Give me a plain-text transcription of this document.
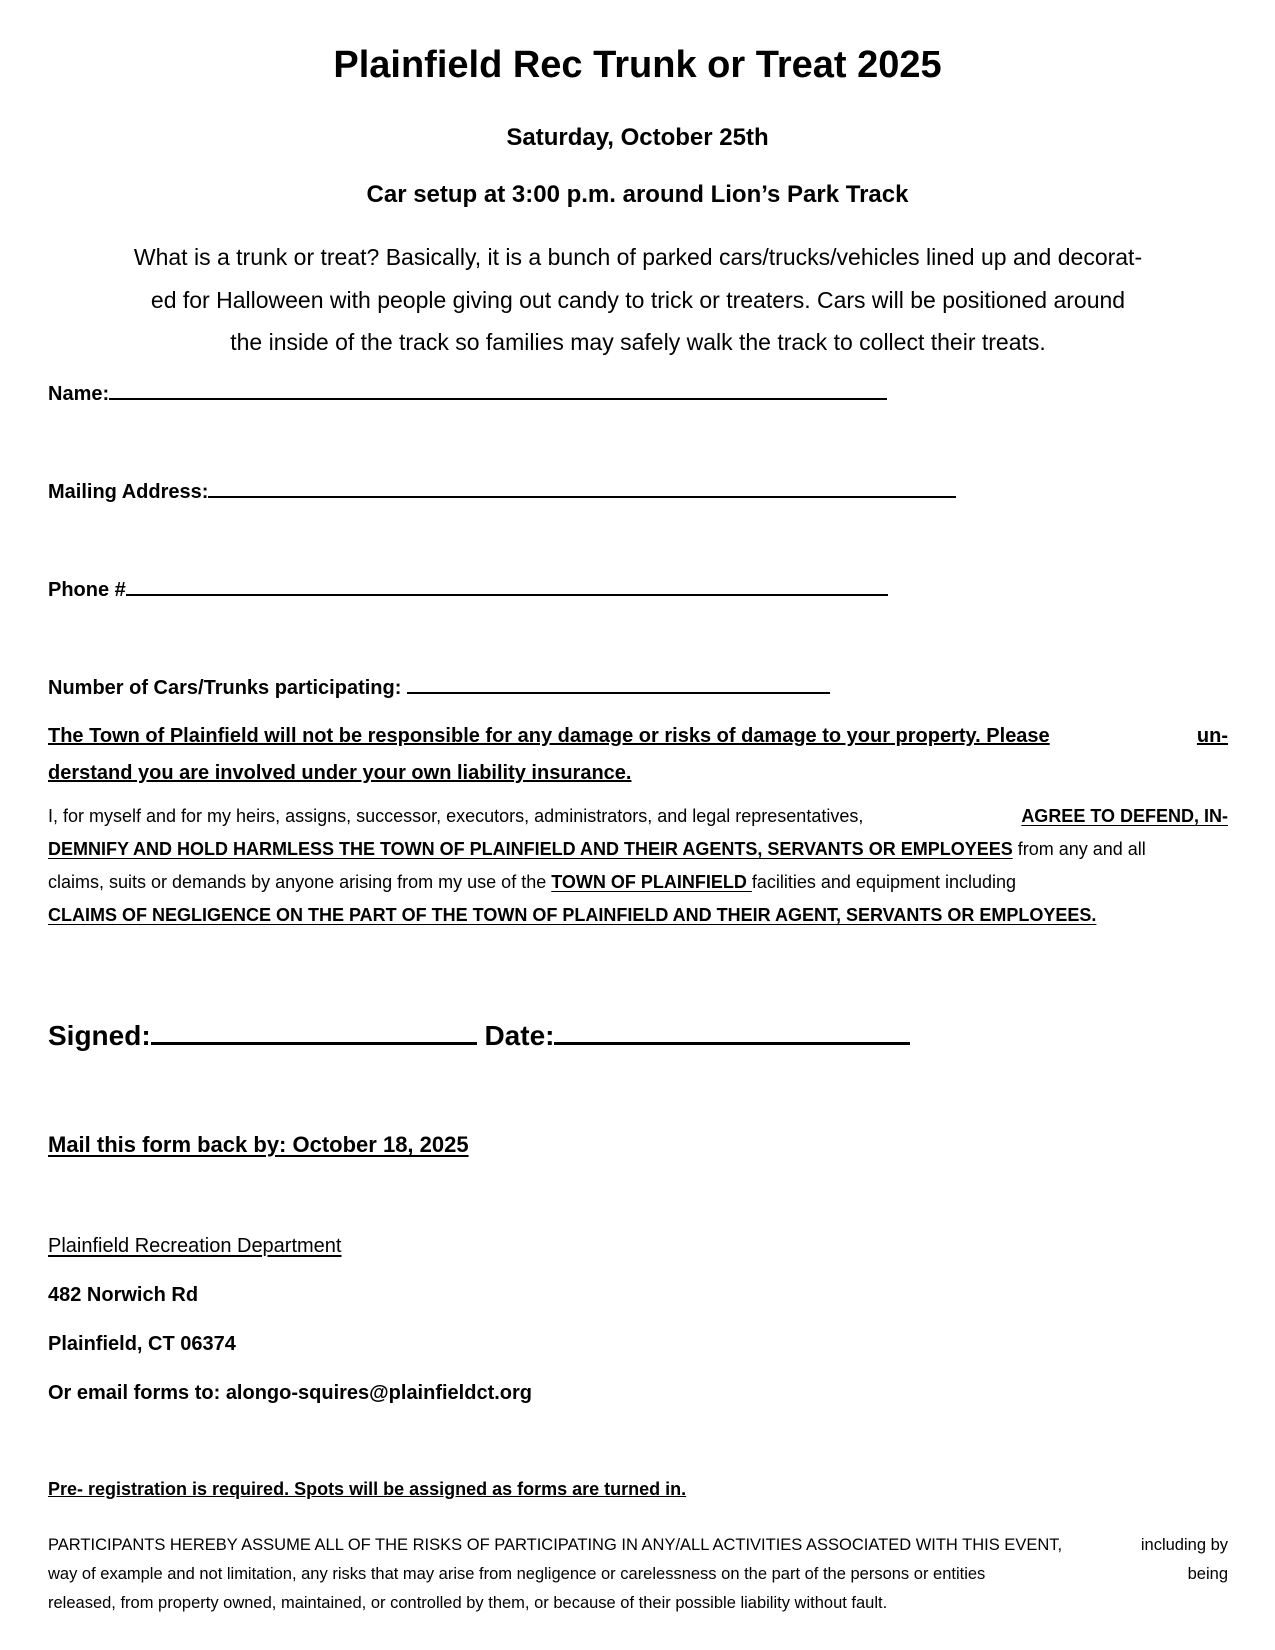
Plainfield Rec Trunk or Treat 2025
Saturday, October 25th
Car setup at 3:00 p.m. around Lion’s Park Track
What is a trunk or treat? Basically, it is a bunch of parked cars/trucks/vehicles lined up and decorat-
ed for Halloween with people giving out candy to trick or treaters. Cars will be positioned around
the inside of the track so families may safely walk the track to collect their treats.
Name:
Mailing Address:
Phone #
Number of Cars/Trunks participating:
The Town of Plainfield will not be responsible for any damage or risks of damage to your property. Please	un-
derstand you are involved under your own liability insurance.
I, for myself and for my heirs, assigns, successor, executors, administrators, and legal representatives,	AGREE TO DEFEND, IN-
DEMNIFY AND HOLD HARMLESS THE TOWN OF PLAINFIELD AND THEIR AGENTS, SERVANTS OR EMPLOYEES from any and all
claims, suits or demands by anyone arising from my use of the TOWN OF PLAINFIELD facilities and equipment including
CLAIMS OF NEGLIGENCE ON THE PART OF THE TOWN OF PLAINFIELD AND THEIR AGENT, SERVANTS OR EMPLOYEES.
Signed:	Date:
Mail this form back by: October 18, 2025
Plainfield Recreation Department
482 Norwich Rd
Plainfield, CT 06374
Or email forms to: alongo-squires@plainfieldct.org
Pre- registration is required. Spots will be assigned as forms are turned in.
PARTICIPANTS HEREBY ASSUME ALL OF THE RISKS OF PARTICIPATING IN ANY/ALL ACTIVITIES ASSOCIATED WITH THIS EVENT,	including by
way of example and not limitation, any risks that may arise from negligence or carelessness on the part of the persons or entities	being
released, from property owned, maintained, or controlled by them, or because of their possible liability without fault.
